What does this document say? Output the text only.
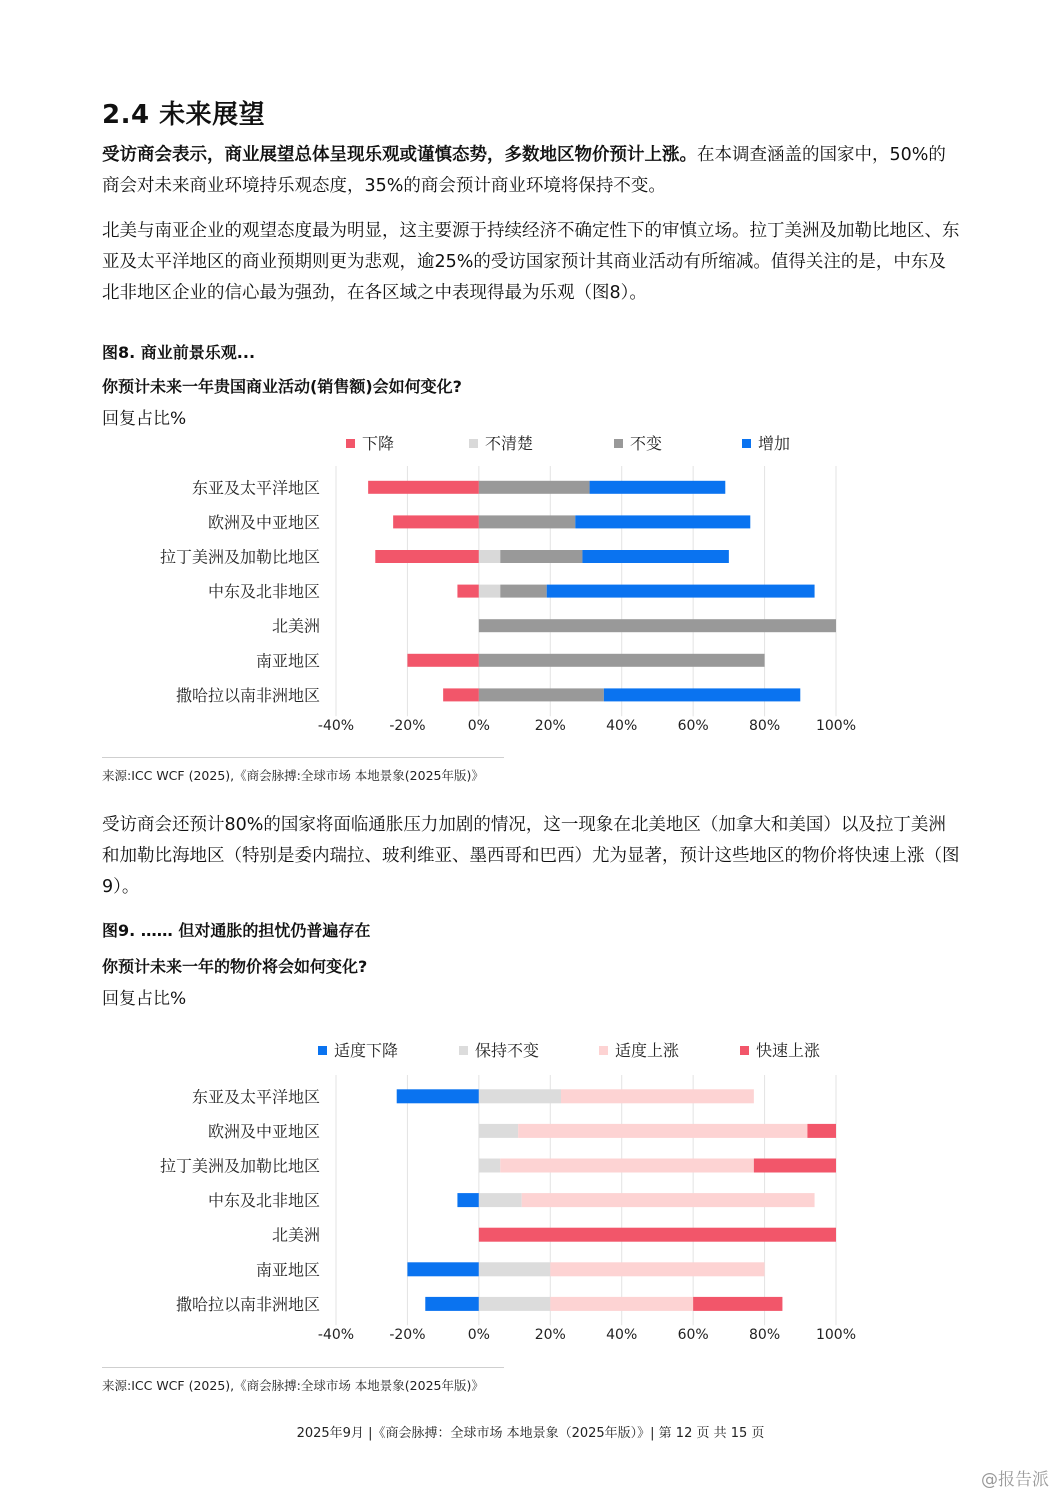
2.4 未来展望
受访商会表示，商业展望总体呈现乐观或谨慎态势，多数地区物价预计上涨。在本调查涵盖的国家中，50%的商会对未来商业环境持乐观态度，35%的商会预计商业环境将保持不变。
北美与南亚企业的观望态度最为明显，这主要源于持续经济不确定性下的审慎立场。拉丁美洲及加勒比地区、东亚及太平洋地区的商业预期则更为悲观，逾25%的受访国家预计其商业活动有所缩减。值得关注的是，中东及北非地区企业的信心最为强劲，在各区域之中表现得最为乐观（图8）。
图8. 商业前景乐观...
你预计未来一年贵国商业活动(销售额)会如何变化?
回复占比%
-40%	-20%	0%	20%	40%	60%	80%	100%
下降	不清楚	不变	增加
东亚及太平洋地区
欧洲及中亚地区
拉丁美洲及加勒比地区
中东及北非地区
北美洲
南亚地区
撒哈拉以南非洲地区
来源:ICC WCF (2025),《商会脉搏:全球市场 本地景象(2025年版)》
受访商会还预计80%的国家将面临通胀压力加剧的情况，这一现象在北美地区（加拿大和美国）以及拉丁美洲和加勒比海地区（特别是委内瑞拉、玻利维亚、墨西哥和巴西）尤为显著，预计这些地区的物价将快速上涨（图9）。
图9. …… 但对通胀的担忧仍普遍存在
你预计未来一年的物价将会如何变化?
回复占比%
-40%	-20%	0%	20%	40%	60%	80%	100%
适度下降	保持不变	适度上涨	快速上涨
东亚及太平洋地区
欧洲及中亚地区
拉丁美洲及加勒比地区
中东及北非地区
北美洲
南亚地区
撒哈拉以南非洲地区
来源:ICC WCF (2025),《商会脉搏:全球市场 本地景象(2025年版)》
2025年9月 |《商会脉搏：全球市场 本地景象（2025年版）》| 第 12 页 共 15 页
@报告派
